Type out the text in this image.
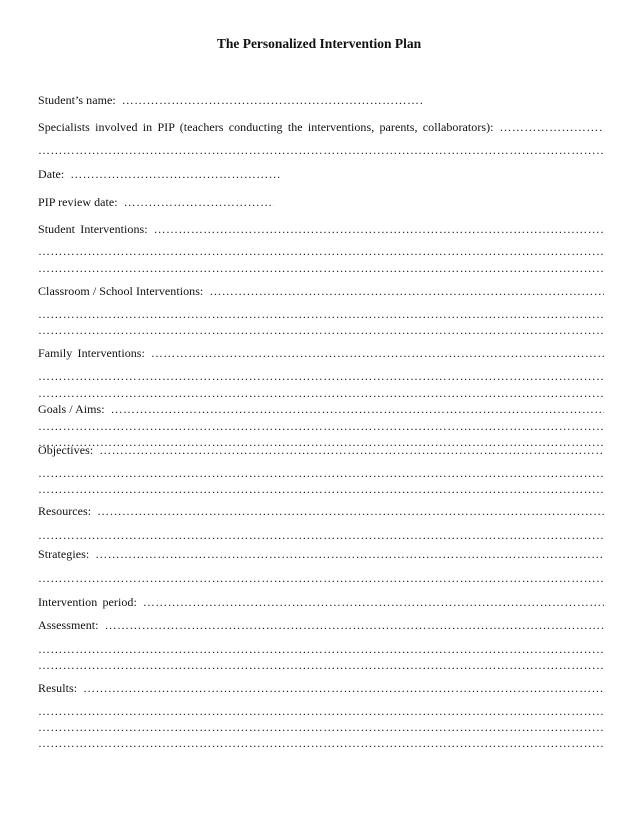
The Personalized Intervention Plan
Student’s name:
……………………………………………………………………………………………………………………………………………………………………
Specialists involved in PIP (teachers conducting the interventions, parents, collaborators):
……………………………………………………………………………………………………………………………………………………………………
……………………………………………………………………………………………………………………………………………………………………
Date:
……………………………………………………………………………………………………………………………………………………………………
PIP review date:
……………………………………………………………………………………………………………………………………………………………………
Student Interventions:
……………………………………………………………………………………………………………………………………………………………………
……………………………………………………………………………………………………………………………………………………………………
……………………………………………………………………………………………………………………………………………………………………
Classroom / School Interventions:
……………………………………………………………………………………………………………………………………………………………………
……………………………………………………………………………………………………………………………………………………………………
……………………………………………………………………………………………………………………………………………………………………
Family Interventions:
……………………………………………………………………………………………………………………………………………………………………
……………………………………………………………………………………………………………………………………………………………………
……………………………………………………………………………………………………………………………………………………………………
Goals / Aims:
……………………………………………………………………………………………………………………………………………………………………
……………………………………………………………………………………………………………………………………………………………………
……………………………………………………………………………………………………………………………………………………………………
Objectives:
……………………………………………………………………………………………………………………………………………………………………
……………………………………………………………………………………………………………………………………………………………………
……………………………………………………………………………………………………………………………………………………………………
Resources:
……………………………………………………………………………………………………………………………………………………………………
……………………………………………………………………………………………………………………………………………………………………
Strategies:
……………………………………………………………………………………………………………………………………………………………………
……………………………………………………………………………………………………………………………………………………………………
Intervention period:
……………………………………………………………………………………………………………………………………………………………………
Assessment:
……………………………………………………………………………………………………………………………………………………………………
……………………………………………………………………………………………………………………………………………………………………
……………………………………………………………………………………………………………………………………………………………………
Results:
……………………………………………………………………………………………………………………………………………………………………
……………………………………………………………………………………………………………………………………………………………………
……………………………………………………………………………………………………………………………………………………………………
……………………………………………………………………………………………………………………………………………………………………
